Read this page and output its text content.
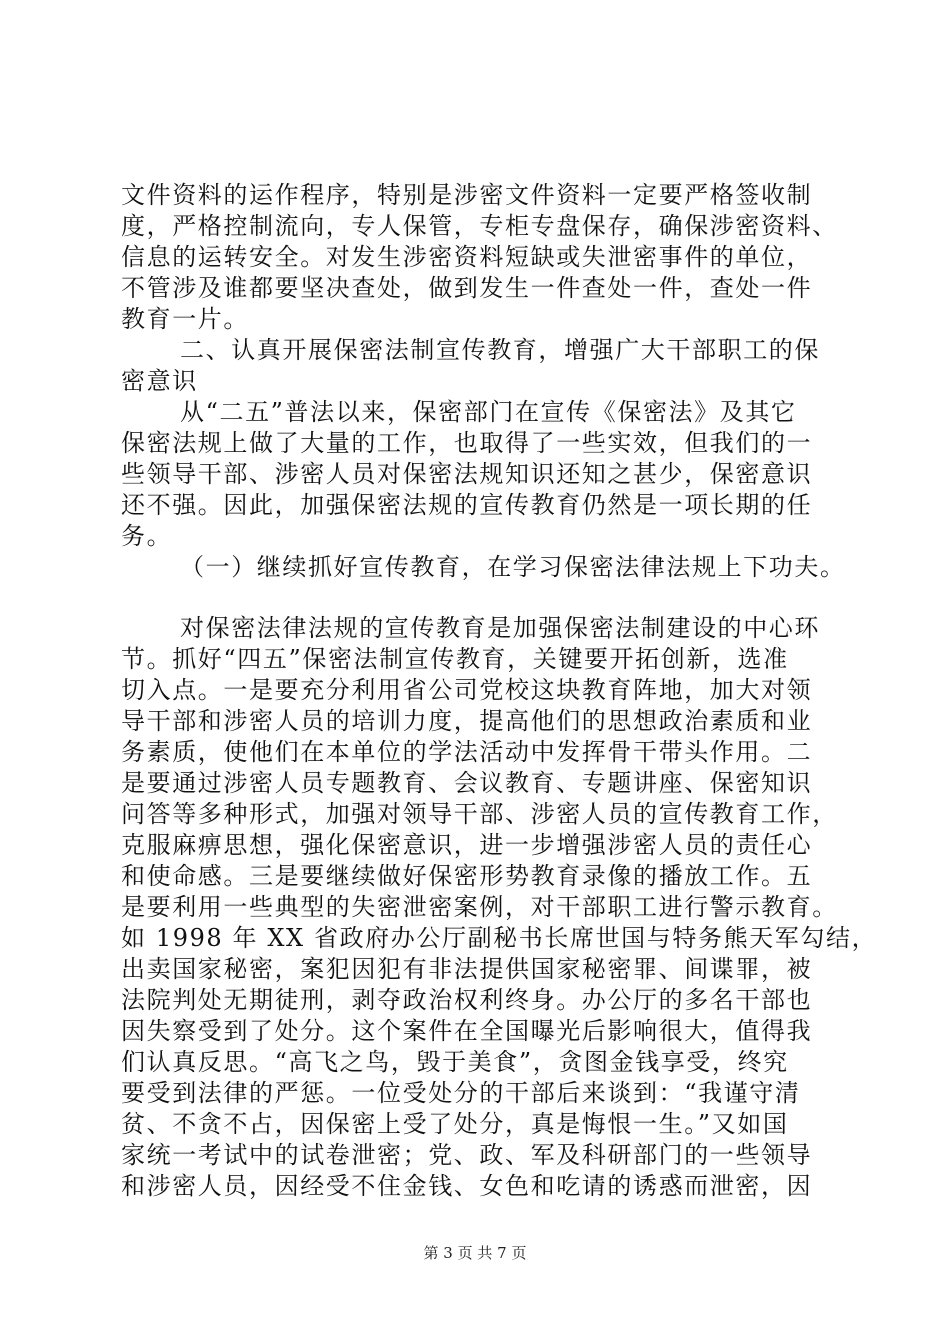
文件资料的运作程序，特别是涉密文件资料一定要严格签收制
度，严格控制流向，专人保管，专柜专盘保存，确保涉密资料、
信息的运转安全。对发生涉密资料短缺或失泄密事件的单位，
不管涉及谁都要坚决查处，做到发生一件查处一件，查处一件
教育一片。
二、认真开展保密法制宣传教育，增强广大干部职工的保
密意识
从“二五”普法以来，保密部门在宣传《保密法》及其它
保密法规上做了大量的工作，也取得了一些实效，但我们的一
些领导干部、涉密人员对保密法规知识还知之甚少，保密意识
还不强。因此，加强保密法规的宣传教育仍然是一项长期的任
务。
（一）继续抓好宣传教育，在学习保密法律法规上下功夫。
对保密法律法规的宣传教育是加强保密法制建设的中心环
节。抓好“四五”保密法制宣传教育，关键要开拓创新，选准
切入点。一是要充分利用省公司党校这块教育阵地，加大对领
导干部和涉密人员的培训力度，提高他们的思想政治素质和业
务素质，使他们在本单位的学法活动中发挥骨干带头作用。二
是要通过涉密人员专题教育、会议教育、专题讲座、保密知识
问答等多种形式，加强对领导干部、涉密人员的宣传教育工作，
克服麻痹思想，强化保密意识，进一步增强涉密人员的责任心
和使命感。三是要继续做好保密形势教育录像的播放工作。五
是要利用一些典型的失密泄密案例，对干部职工进行警示教育。
如 1998 年 XX 省政府办公厅副秘书长席世国与特务熊天军勾结，
出卖国家秘密，案犯因犯有非法提供国家秘密罪、间谍罪，被
法院判处无期徒刑，剥夺政治权利终身。办公厅的多名干部也
因失察受到了处分。这个案件在全国曝光后影响很大，值得我
们认真反思。“高飞之鸟，毁于美食”，贪图金钱享受，终究
要受到法律的严惩。一位受处分的干部后来谈到：“我谨守清
贫、不贪不占，因保密上受了处分，真是悔恨一生。”又如国
家统一考试中的试卷泄密；党、政、军及科研部门的一些领导
和涉密人员，因经受不住金钱、女色和吃请的诱惑而泄密，因
第 3 页 共 7 页
